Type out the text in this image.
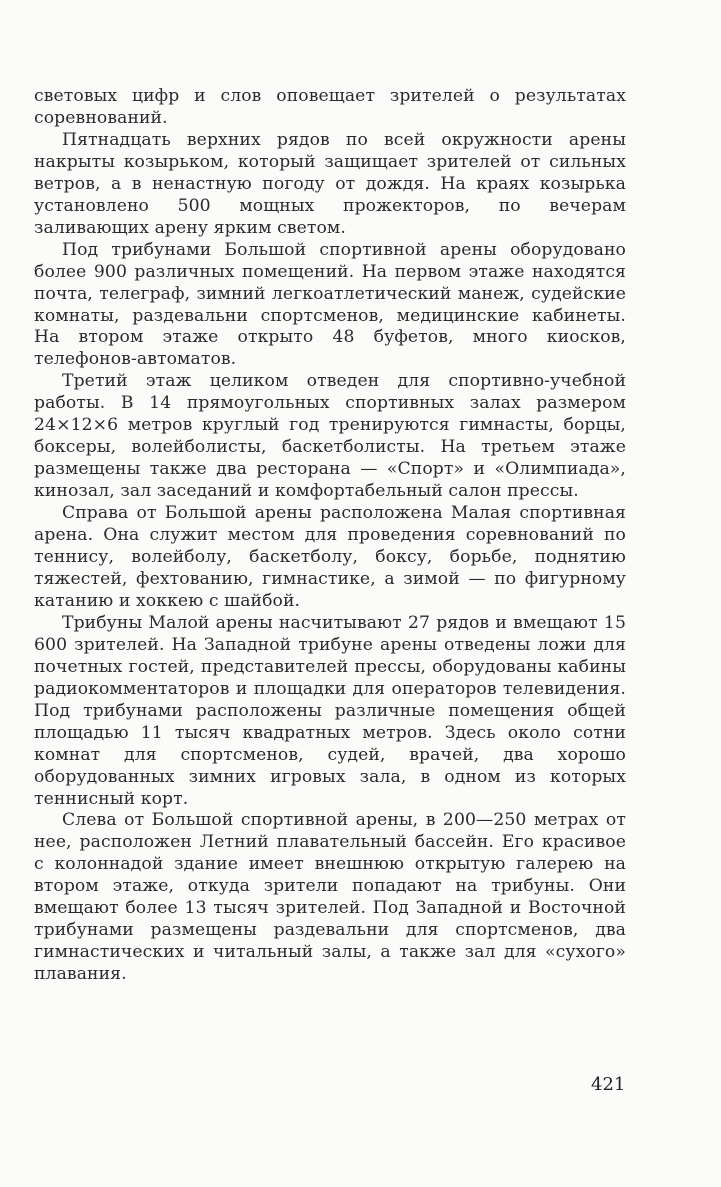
световых цифр и слов оповещает зрителей о результатах соревнований.

Пятнадцать верхних рядов по всей окружности арены накрыты козырьком, который защищает зрителей от сильных ветров, а в ненастную погоду от дождя. На краях козырька установлено 500 мощных прожекторов, по вечерам заливающих арену ярким светом.

Под трибунами Большой спортивной арены оборудовано более 900 различных помещений. На первом этаже находятся почта, телеграф, зимний легкоатлетический манеж, судейские комнаты, раздевальни спортсменов, медицинские кабинеты. На втором этаже открыто 48 буфетов, много киосков, телефонов-автоматов.

Третий этаж целиком отведен для спортивно-учебной работы. В 14 прямоугольных спортивных залах размером 24×12×6 метров круглый год тренируются гимнасты, борцы, боксеры, волейболисты, баскетболисты. На третьем этаже размещены также два ресторана — «Спорт» и «Олимпиада», кинозал, зал заседаний и комфортабельный салон прессы.

Справа от Большой арены расположена Малая спортивная арена. Она служит местом для проведения соревнований по теннису, волейболу, баскетболу, боксу, борьбе, поднятию тяжестей, фехтованию, гимнастике, а зимой — по фигурному катанию и хоккею с шайбой.

Трибуны Малой арены насчитывают 27 рядов и вмещают 15 600 зрителей. На Западной трибуне арены отведены ложи для почетных гостей, представителей прессы, оборудованы кабины радиокомментаторов и площадки для операторов телевидения. Под трибунами расположены различные помещения общей площадью 11 тысяч квадратных метров. Здесь около сотни комнат для спортсменов, судей, врачей, два хорошо оборудованных зимних игровых зала, в одном из которых теннисный корт.

Слева от Большой спортивной арены, в 200—250 метрах от нее, расположен Летний плавательный бассейн. Его красивое с колоннадой здание имеет внешнюю открытую галерею на втором этаже, откуда зрители попадают на трибуны. Они вмещают более 13 тысяч зрителей. Под Западной и Восточной трибунами размещены раздевальни для спортсменов, два гимнастических и читальный залы, а также зал для «сухого» плавания.

421
